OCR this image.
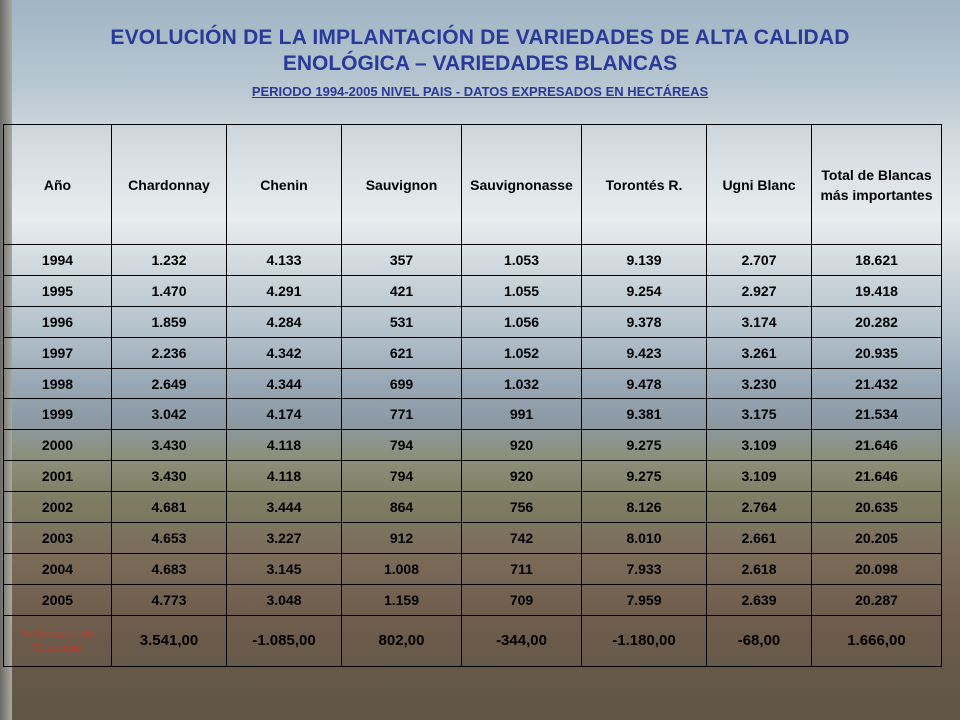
EVOLUCIÓN DE LA IMPLANTACIÓN DE VARIEDADES DE ALTA CALIDAD
ENOLÓGICA – VARIEDADES BLANCAS
PERIODO 1994-2005 NIVEL PAIS - DATOS EXPRESADOS EN HECTÁREAS
Año	Chardonnay	Chenin	Sauvignon	Sauvignonasse	Torontés R.	Ugni Blanc	Total de Blancas más importantes
1994	1.232	4.133	357	1.053	9.139	2.707	18.621
1995	1.470	4.291	421	1.055	9.254	2.927	19.418
1996	1.859	4.284	531	1.056	9.378	3.174	20.282
1997	2.236	4.342	621	1.052	9.423	3.261	20.935
1998	2.649	4.344	699	1.032	9.478	3.230	21.432
1999	3.042	4.174	771	991	9.381	3.175	21.534
2000	3.430	4.118	794	920	9.275	3.109	21.646
2001	3.430	4.118	794	920	9.275	3.109	21.646
2002	4.681	3.444	864	756	8.126	2.764	20.635
2003	4.653	3.227	912	742	8.010	2.661	20.205
2004	4.683	3.145	1.008	711	7.933	2.618	20.098
2005	4.773	3.048	1.159	709	7.959	2.639	20.287
% Variación de Superficie	3.541,00	-1.085,00	802,00	-344,00	-1.180,00	-68,00	1.666,00
